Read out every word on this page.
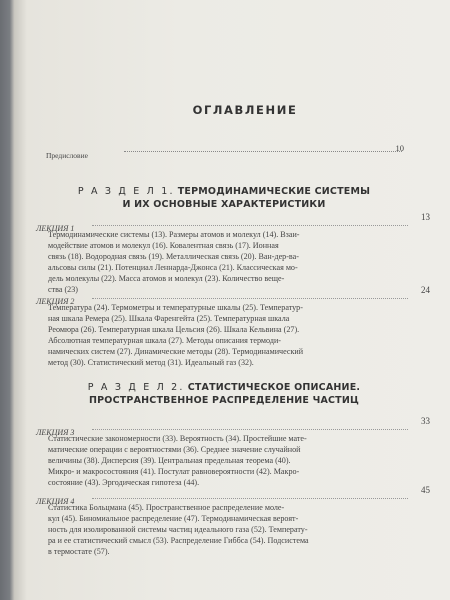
ОГЛАВЛЕНИЕ
Предисловие
10
Р А З Д Е Л 1. ТЕРМОДИНАМИЧЕСКИЕ СИСТЕМЫ
И ИХ ОСНОВНЫЕ ХАРАКТЕРИСТИКИ
ЛЕКЦИЯ 1
13
Термодинамические системы (13). Размеры атомов и молекул (14). Взаи-
модействие атомов и молекул (16). Ковалентная связь (17). Ионная
связь (18). Водородная связь (19). Металлическая связь (20). Ван-дер-ва-
альсовы силы (21). Потенциал Леннарда-Джонса (21). Классическая мо-
дель молекулы (22). Масса атомов и молекул (23). Количество веще-
ства (23)
ЛЕКЦИЯ 2
24
Температура (24). Термометры и температурные шкалы (25). Температур-
ная шкала Ремера (25). Шкала Фаренгейта (25). Температурная шкала
Реомюра (26). Температурная шкала Цельсия (26). Шкала Кельвина (27).
Абсолютная температурная шкала (27). Методы описания термоди-
намических систем (27). Динамические методы (28). Термодинамический
метод (30). Статистический метод (31). Идеальный газ (32).
Р А З Д Е Л 2. СТАТИСТИЧЕСКОЕ ОПИСАНИЕ.
ПРОСТРАНСТВЕННОЕ РАСПРЕДЕЛЕНИЕ ЧАСТИЦ
ЛЕКЦИЯ 3
33
Статистические закономерности (33). Вероятность (34). Простейшие мате-
матические операции с вероятностями (36). Среднее значение случайной
величины (38). Дисперсия (39). Центральная предельная теорема (40).
Микро- и макросостояния (41). Постулат равновероятности (42). Макро-
состояние (43). Эргодическая гипотеза (44).
ЛЕКЦИЯ 4
45
Статистика Больцмана (45). Пространственное распределение моле-
кул (45). Биномиальное распределение (47). Термодинамическая вероят-
ность для изолированной системы частиц идеального газа (52). Температу-
ра и ее статистический смысл (53). Распределение Гиббса (54). Подсистема
в термостате (57).
